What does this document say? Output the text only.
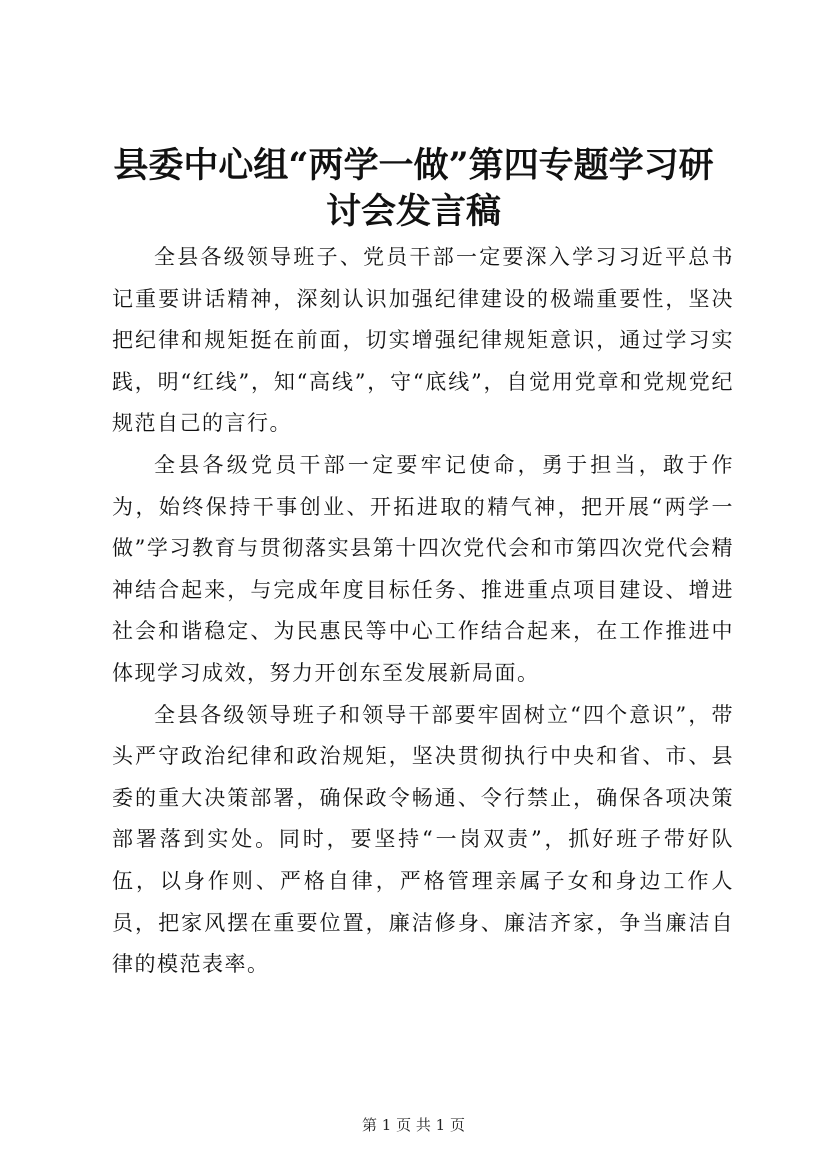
县委中心组“两学一做”第四专题学习研讨会发言稿

全县各级领导班子、党员干部一定要深入学习习近平总书记重要讲话精神，深刻认识加强纪律建设的极端重要性，坚决把纪律和规矩挺在前面，切实增强纪律规矩意识，通过学习实践，明“红线”，知“高线”，守“底线”，自觉用党章和党规党纪规范自己的言行。

全县各级党员干部一定要牢记使命，勇于担当，敢于作为，始终保持干事创业、开拓进取的精气神，把开展“两学一做”学习教育与贯彻落实县第十四次党代会和市第四次党代会精神结合起来，与完成年度目标任务、推进重点项目建设、增进社会和谐稳定、为民惠民等中心工作结合起来，在工作推进中体现学习成效，努力开创东至发展新局面。

全县各级领导班子和领导干部要牢固树立“四个意识”，带头严守政治纪律和政治规矩，坚决贯彻执行中央和省、市、县委的重大决策部署，确保政令畅通、令行禁止，确保各项决策部署落到实处。同时，要坚持“一岗双责”，抓好班子带好队伍，以身作则、严格自律，严格管理亲属子女和身边工作人员，把家风摆在重要位置，廉洁修身、廉洁齐家，争当廉洁自律的模范表率。

第 1 页 共 1 页
